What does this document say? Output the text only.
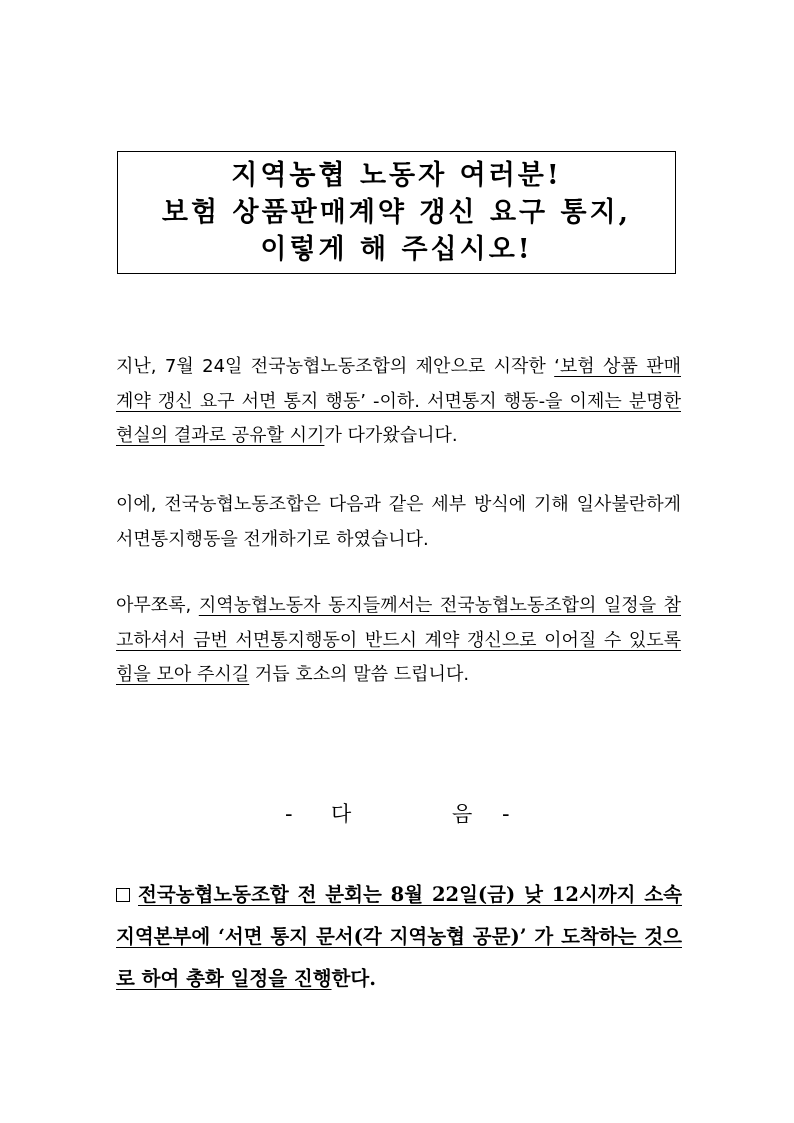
지역농협 노동자 여러분!
보험 상품판매계약 갱신 요구 통지,
이렇게 해 주십시오!
지난, 7월 24일 전국농협노동조합의 제안으로 시작한 ‘보험 상품 판매 계약 갱신 요구 서면 통지 행동’ -이하. 서면통지 행동-을 이제는 분명한 현실의 결과로 공유할 시기가 다가왔습니다.
이에, 전국농협노동조합은 다음과 같은 세부 방식에 기해 일사불란하게 서면통지행동을 전개하기로 하였습니다.
아무쪼록, 지역농협노동자 동지들께서는 전국농협노동조합의 일정을 참고하셔서 금번 서면통지행동이 반드시 계약 갱신으로 이어질 수 있도록 힘을 모아 주시길 거듭 호소의 말씀 드립니다.
- 다	음 -
전국농협노동조합 전 분회는 8월 22일(금) 낮 12시까지 소속 지역본부에 ‘서면 통지 문서(각 지역농협 공문)’ 가 도착하는 것으로 하여 총화 일정을 진행한다.
